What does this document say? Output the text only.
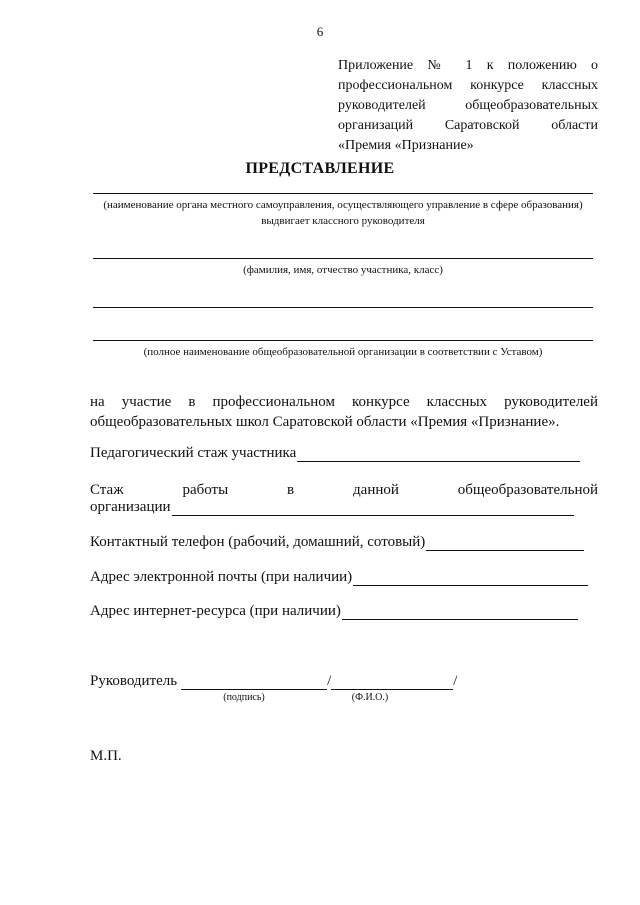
6
Приложение № 1 к положению о
профессиональном конкурсе классных
руководителей общеобразовательных
организаций Саратовской области
«Премия «Признание»
ПРЕДСТАВЛЕНИЕ
(наименование органа местного самоуправления, осуществляющего управление в сфере образования) выдвигает классного руководителя
(фамилия, имя, отчество участника, класс)
(полное наименование общеобразовательной организации в соответствии с Уставом)
на участие в профессиональном конкурсе классных руководителей
общеобразовательных школ Саратовской области «Премия «Признание».
Педагогический стаж участника
Стаж работы в данной общеобразовательной
организации
Контактный телефон (рабочий, домашний, сотовый)
Адрес электронной почты (при наличии)
Адрес интернет-ресурса (при наличии)
Руководитель	/	/
(подпись)	(Ф.И.О.)
М.П.
